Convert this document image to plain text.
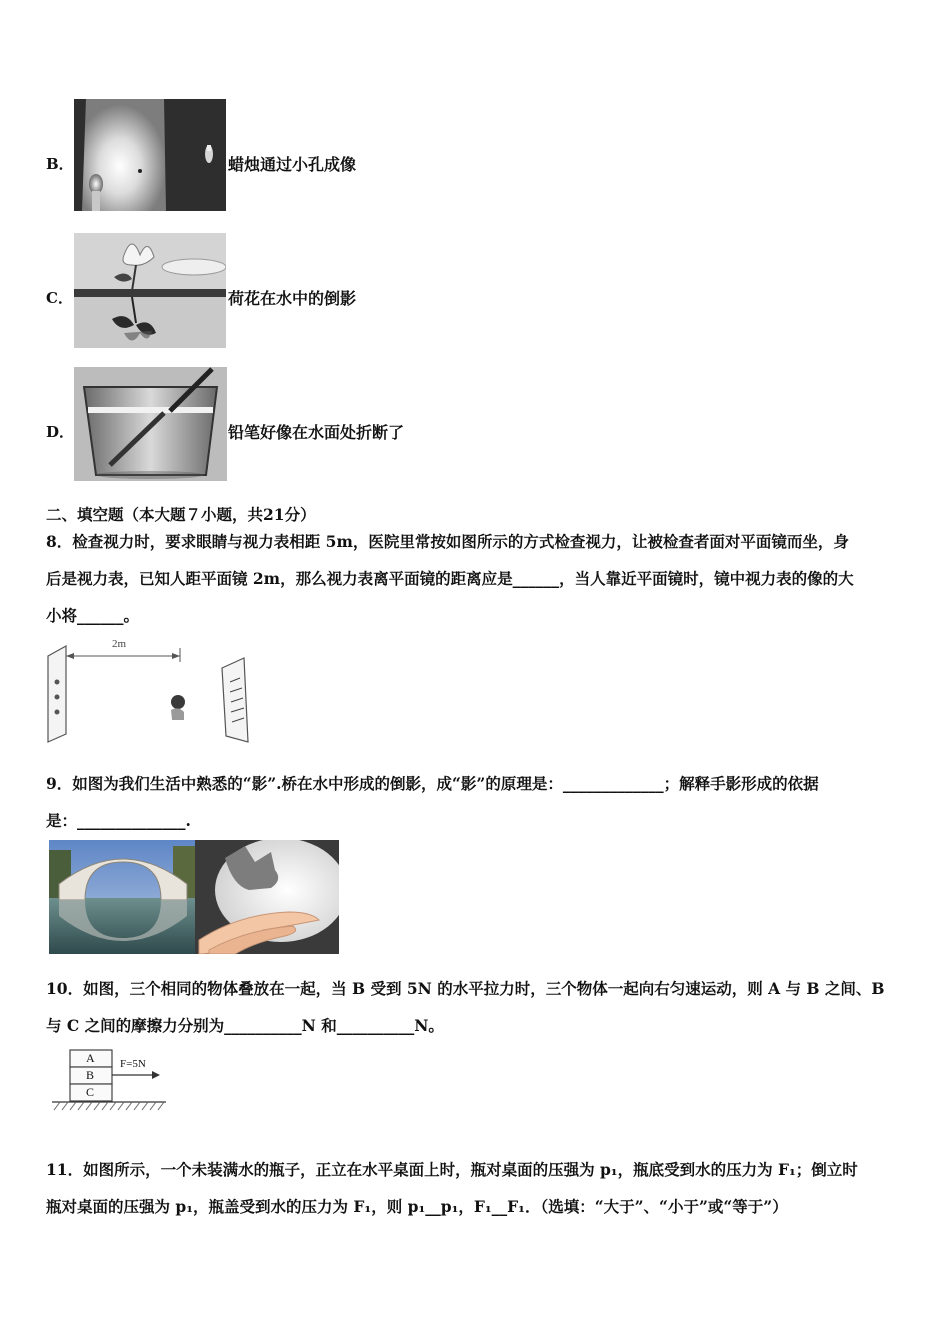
B．	蜡烛通过小孔成像
C．	荷花在水中的倒影
D．	铅笔好像在水面处折断了
二、填空题（本大题７小题，共21分）
8．检查视力时，要求眼睛与视力表相距 5m，医院里常按如图所示的方式检查视力，让被检查者面对平面镜而坐，身
后是视力表，已知人距平面镜 2m，那么视力表离平面镜的距离应是______，当人靠近平面镜时，镜中视力表的像的大
小将______。
2m
9．如图为我们生活中熟悉的“影”.桥在水中形成的倒影，成“影”的原理是：_____________；解释手影形成的依据
是：______________.
10．如图，三个相同的物体叠放在一起，当 B 受到 5N 的水平拉力时，三个物体一起向右匀速运动，则 A 与 B 之间、B
与 C 之间的摩擦力分别为__________N 和__________N。
A
B
C
F=5N
11．如图所示，一个未装满水的瓶子，正立在水平桌面上时，瓶对桌面的压强为 p₁，瓶底受到水的压力为 F₁；倒立时
瓶对桌面的压强为 p₁，瓶盖受到水的压力为 F₁，则 p₁__p₁，F₁__F₁．（选填：“大于”、“小于”或“等于”）
